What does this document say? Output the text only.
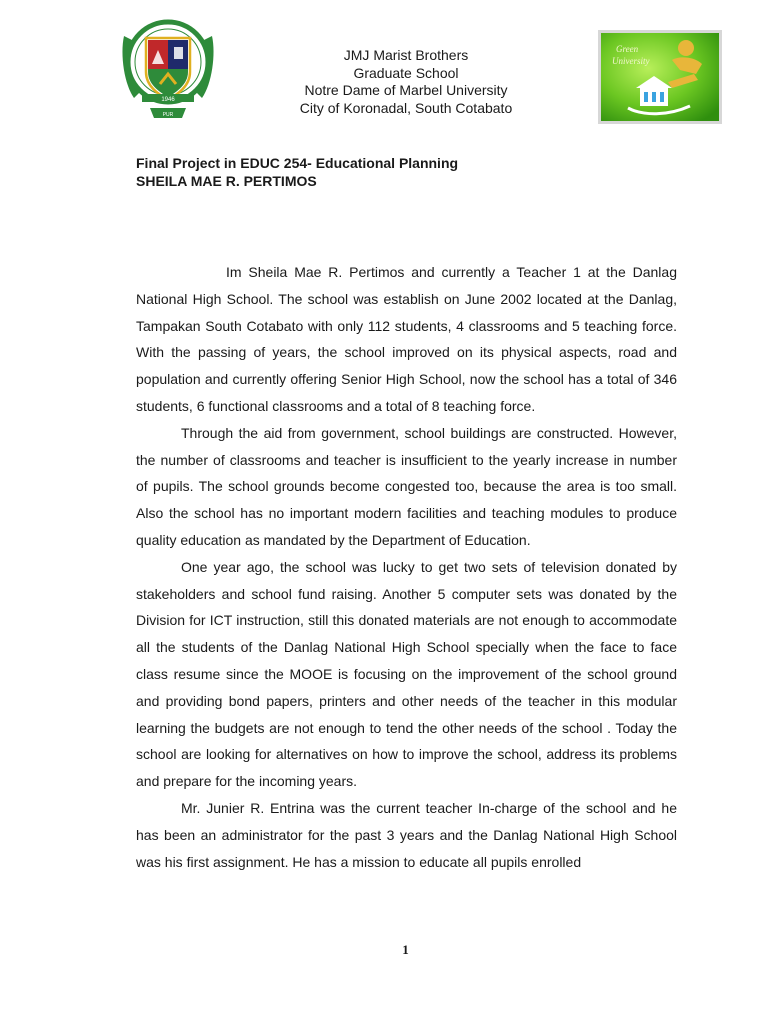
1946
PUR
JMJ Marist Brothers
Graduate School
Notre Dame of Marbel University
City of Koronadal, South Cotabato
Green
University
Final Project in EDUC 254- Educational Planning
SHEILA MAE R. PERTIMOS

Im Sheila Mae R. Pertimos and currently a Teacher 1 at the Danlag National High School. The school was establish on June 2002 located at the Danlag, Tampakan South Cotabato with only 112 students, 4 classrooms and 5 teaching force. With the passing of years, the school improved on its physical aspects, road and population and currently offering Senior High School, now the school has a total of 346 students, 6 functional classrooms and a total of 8 teaching force.

Through the aid from government, school buildings are constructed. However, the number of classrooms and teacher is insufficient to the yearly increase in number of pupils. The school grounds become congested too, because the area is too small. Also the school has no important modern facilities and teaching modules to produce quality education as mandated by the Department of Education.

One year ago, the school was lucky to get two sets of television donated by stakeholders and school fund raising. Another 5 computer sets was donated by the Division for ICT instruction, still this donated materials are not enough to accommodate all the students of the Danlag National High School specially when the face to face class resume since the MOOE is focusing on the improvement of the school ground and providing bond papers, printers and other needs of the teacher in this modular learning the budgets are not enough to tend the other needs of the school . Today the school are looking for alternatives on how to improve the school, address its problems and prepare for the incoming years.

Mr. Junier R. Entrina was the current teacher In-charge of the school and he has been an administrator for the past 3 years and the Danlag National High School was his first assignment. He has a mission to educate all pupils enrolled

1
